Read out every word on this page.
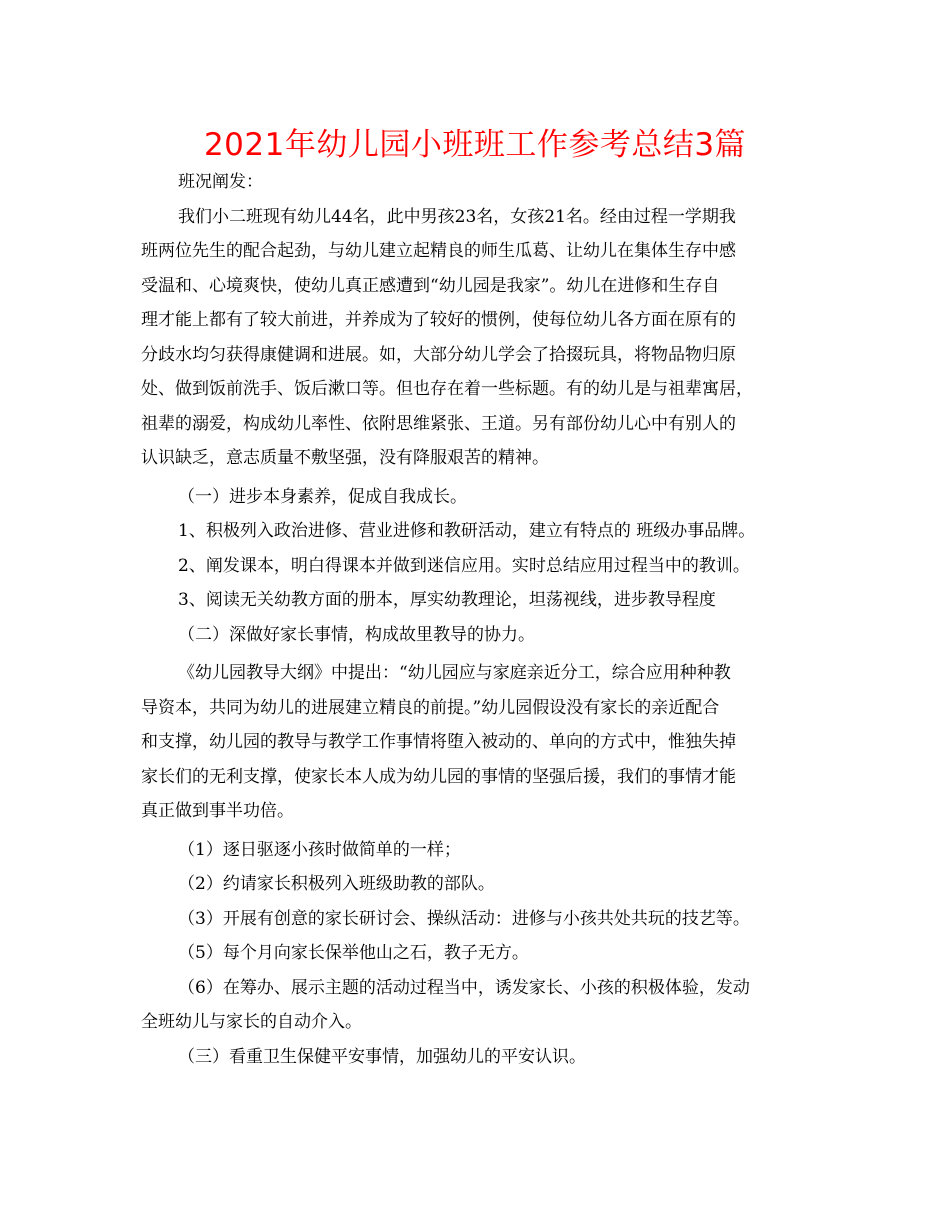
2021年幼儿园小班班工作参考总结3篇
班况阐发：
我们小二班现有幼儿44名，此中男孩23名，女孩21名。经由过程一学期我
班两位先生的配合起劲，与幼儿建立起精良的师生瓜葛、让幼儿在集体生存中感
受温和、心境爽快，使幼儿真正感遭到“幼儿园是我家”。幼儿在进修和生存自
理才能上都有了较大前进，并养成为了较好的惯例，使每位幼儿各方面在原有的
分歧水均匀获得康健调和进展。如，大部分幼儿学会了拾掇玩具，将物品物归原
处、做到饭前洗手、饭后漱口等。但也存在着一些标题。有的幼儿是与祖辈寓居，
祖辈的溺爱，构成幼儿率性、依附思维紧张、王道。另有部份幼儿心中有别人的
认识缺乏，意志质量不敷坚强，没有降服艰苦的精神。
（一）进步本身素养，促成自我成长。
1、积极列入政治进修、营业进修和教研活动，建立有特点的 班级办事品牌。
2、阐发课本，明白得课本并做到迷信应用。实时总结应用过程当中的教训。
3、阅读无关幼教方面的册本，厚实幼教理论，坦荡视线，进步教导程度
（二）深做好家长事情，构成故里教导的协力。
《幼儿园教导大纲》中提出：“幼儿园应与家庭亲近分工，综合应用种种教
导资本，共同为幼儿的进展建立精良的前提。”幼儿园假设没有家长的亲近配合
和支撑，幼儿园的教导与教学工作事情将堕入被动的、单向的方式中，惟独失掉
家长们的无利支撑，使家长本人成为幼儿园的事情的坚强后援，我们的事情才能
真正做到事半功倍。
（1）逐日驱逐小孩时做简单的一样；
（2）约请家长积极列入班级助教的部队。
（3）开展有创意的家长研讨会、操纵活动：进修与小孩共处共玩的技艺等。
（5）每个月向家长保举他山之石，教子无方。
（6）在筹办、展示主题的活动过程当中，诱发家长、小孩的积极体验，发动
全班幼儿与家长的自动介入。
（三）看重卫生保健平安事情，加强幼儿的平安认识。
